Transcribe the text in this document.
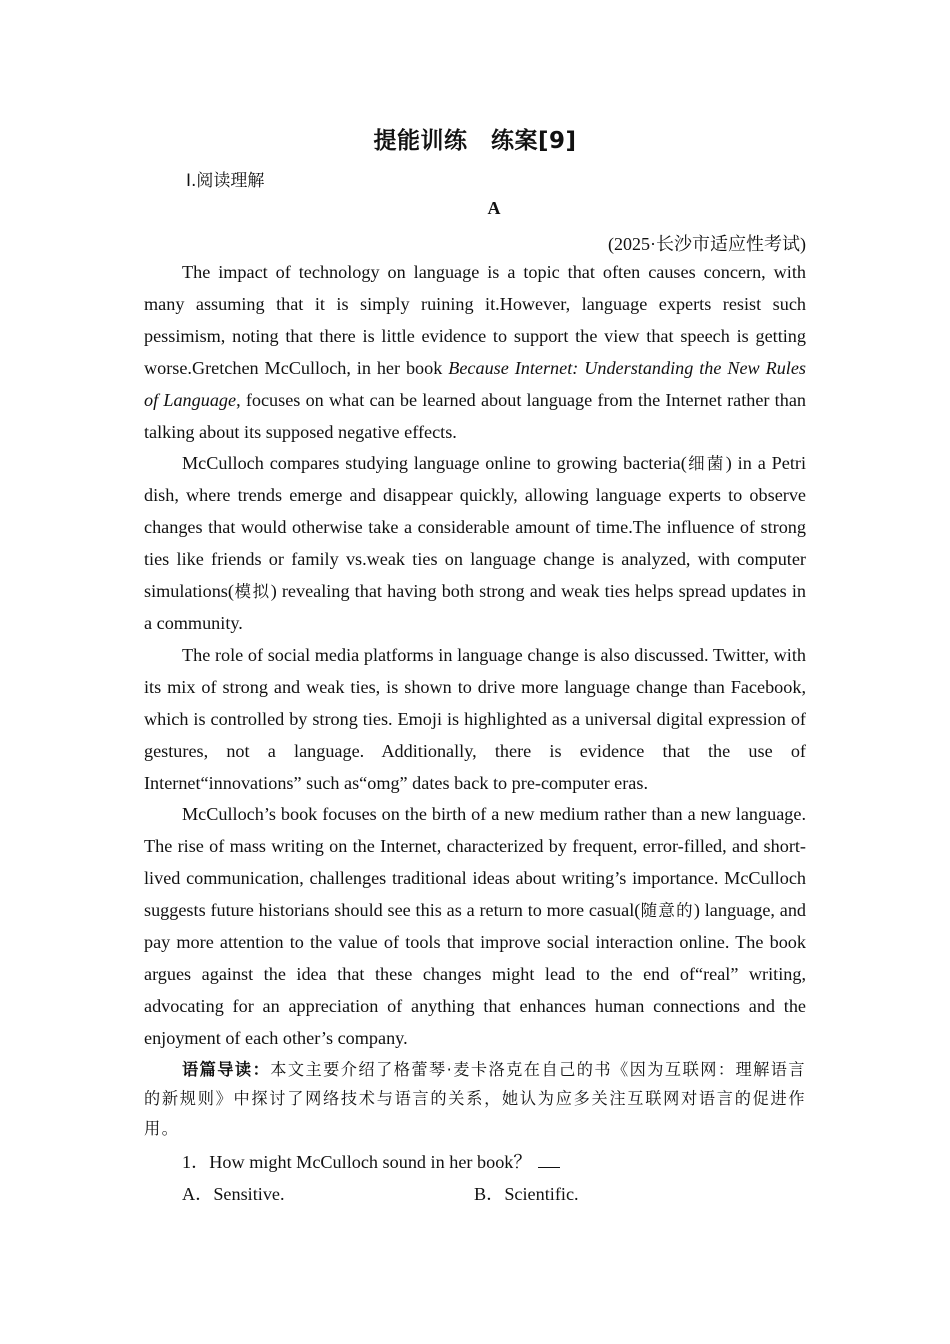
提能训练　练案[9]
Ⅰ.阅读理解
A
(2025·长沙市适应性考试)

The impact of technology on language is a topic that often causes concern, with many assuming that it is simply ruining it.However, language experts resist such pessimism, noting that there is little evidence to support the view that speech is getting worse.Gretchen McCulloch, in her book Because Internet: Understanding the New Rules of Language, focuses on what can be learned about language from the Internet rather than talking about its supposed negative effects.

McCulloch compares studying language online to growing bacteria(细菌) in a Petri dish, where trends emerge and disappear quickly, allowing language experts to observe changes that would otherwise take a considerable amount of time.The influence of strong ties like friends or family vs.weak ties on language change is analyzed, with computer simulations(模拟) revealing that having both strong and weak ties helps spread updates in a community.

The role of social media platforms in language change is also discussed. Twitter, with its mix of strong and weak ties, is shown to drive more language change than Facebook, which is controlled by strong ties. Emoji is highlighted as a universal digital expression of gestures, not a language. Additionally, there is evidence that the use of Internet“innovations” such as“omg” dates back to pre-computer eras.

McCulloch’s book focuses on the birth of a new medium rather than a new language. The rise of mass writing on the Internet, characterized by frequent, error-filled, and short-lived communication, challenges traditional ideas about writing’s importance. McCulloch suggests future historians should see this as a return to more casual(随意的) language, and pay more attention to the value of tools that improve social interaction online. The book argues against the idea that these changes might lead to the end of“real” writing, advocating for an appreciation of anything that enhances human connections and the enjoyment of each other’s company.

语篇导读：本文主要介绍了格蕾琴·麦卡洛克在自己的书《因为互联网：理解语言的新规则》中探讨了网络技术与语言的关系，她认为应多关注互联网对语言的促进作用。

1．How might McCulloch sound in her book？

A．Sensitive.	B．Scientific.
